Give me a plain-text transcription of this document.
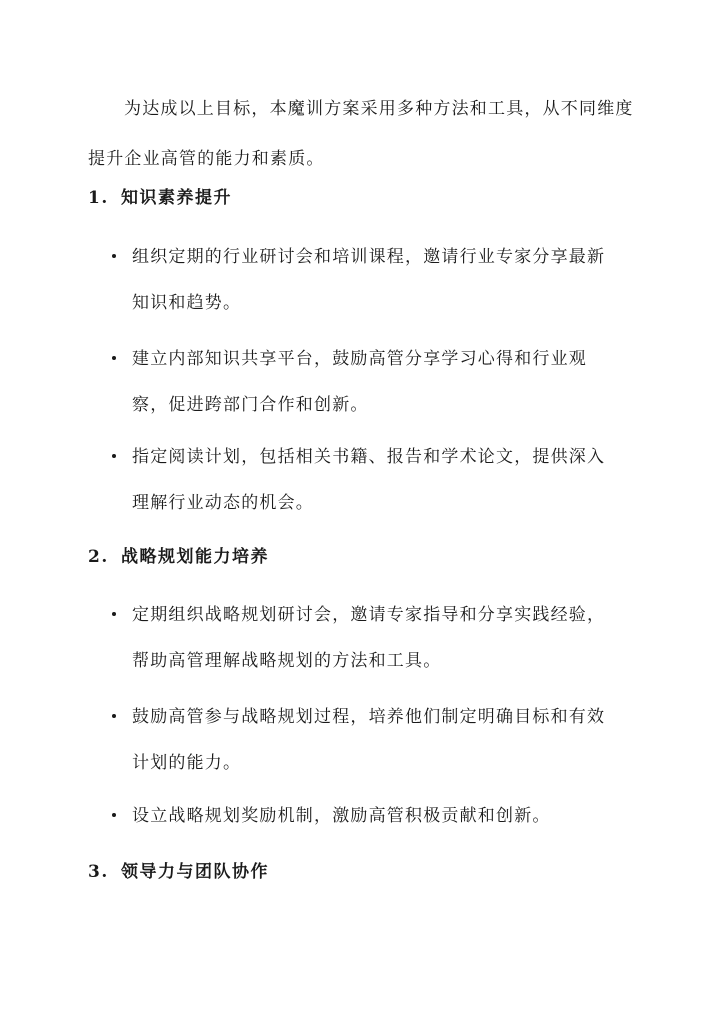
为达成以上目标，本魔训方案采用多种方法和工具，从不同维度提升企业高管的能力和素质。

1. 知识素养提升
组织定期的行业研讨会和培训课程，邀请行业专家分享最新知识和趋势。
建立内部知识共享平台，鼓励高管分享学习心得和行业观察，促进跨部门合作和创新。
指定阅读计划，包括相关书籍、报告和学术论文，提供深入理解行业动态的机会。
2. 战略规划能力培养
定期组织战略规划研讨会，邀请专家指导和分享实践经验，帮助高管理解战略规划的方法和工具。
鼓励高管参与战略规划过程，培养他们制定明确目标和有效计划的能力。
设立战略规划奖励机制，激励高管积极贡献和创新。
3. 领导力与团队协作
